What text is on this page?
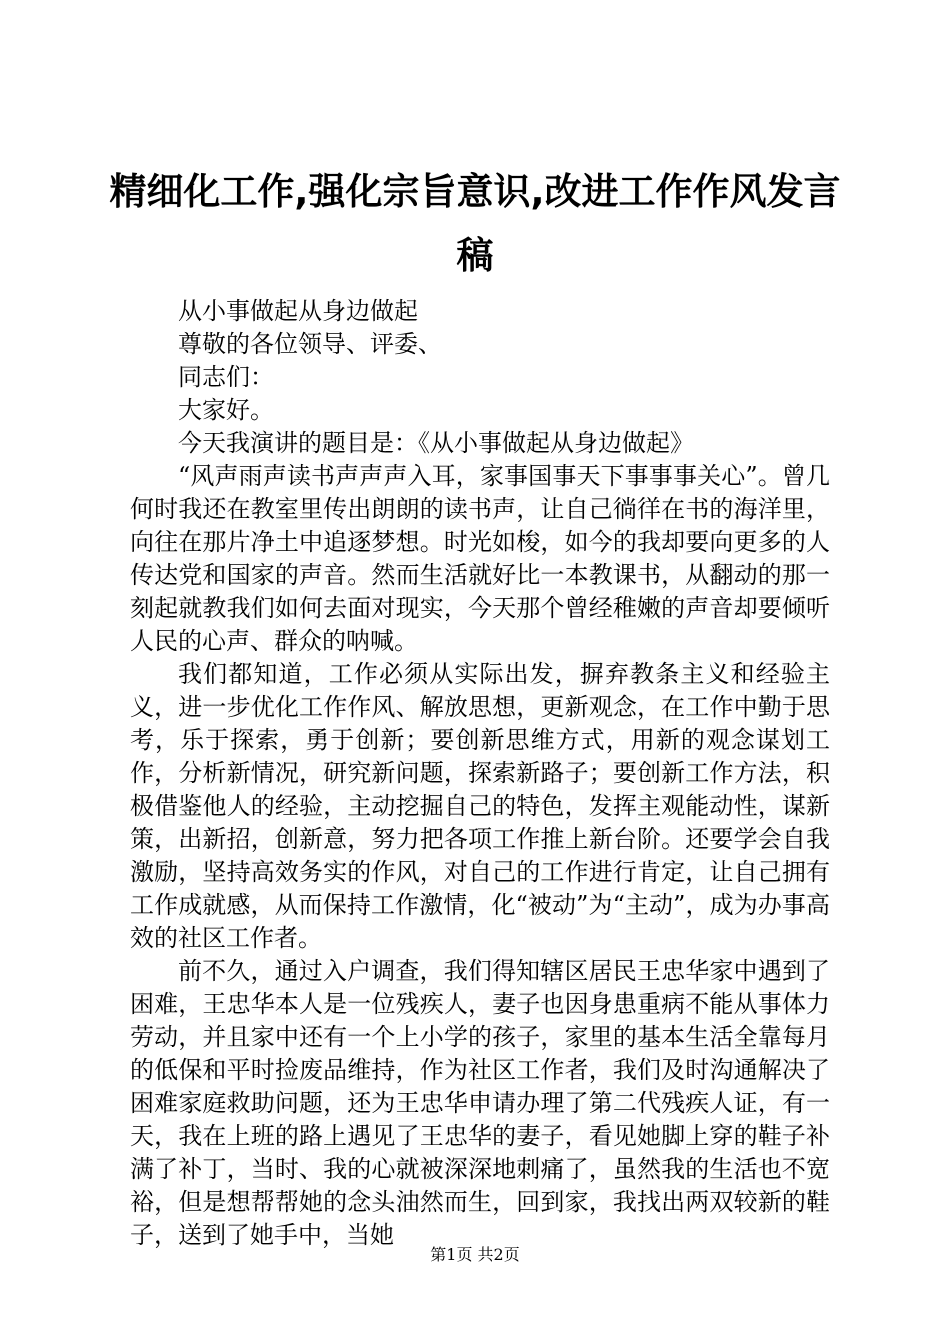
精细化工作,强化宗旨意识,改进工作作风发言稿

从小事做起从身边做起

尊敬的各位领导、评委、

同志们：

大家好。

今天我演讲的题目是：《从小事做起从身边做起》

“风声雨声读书声声声入耳，家事国事天下事事事关心”。曾几何时我还在教室里传出朗朗的读书声，让自己徜徉在书的海洋里，向往在那片净土中追逐梦想。时光如梭，如今的我却要向更多的人传达党和国家的声音。然而生活就好比一本教课书，从翻动的那一刻起就教我们如何去面对现实，今天那个曾经稚嫩的声音却要倾听人民的心声、群众的呐喊。

我们都知道，工作必须从实际出发，摒弃教条主义和经验主义，进一步优化工作作风、解放思想，更新观念，在工作中勤于思考，乐于探索，勇于创新；要创新思维方式，用新的观念谋划工作，分析新情况，研究新问题，探索新路子；要创新工作方法，积极借鉴他人的经验，主动挖掘自己的特色，发挥主观能动性，谋新策，出新招，创新意，努力把各项工作推上新台阶。还要学会自我激励，坚持高效务实的作风，对自己的工作进行肯定，让自己拥有工作成就感，从而保持工作激情，化“被动”为“主动”，成为办事高效的社区工作者。

前不久，通过入户调查，我们得知辖区居民王忠华家中遇到了困难，王忠华本人是一位残疾人，妻子也因身患重病不能从事体力劳动，并且家中还有一个上小学的孩子，家里的基本生活全靠每月的低保和平时捡废品维持，作为社区工作者，我们及时沟通解决了困难家庭救助问题，还为王忠华申请办理了第二代残疾人证，有一天，我在上班的路上遇见了王忠华的妻子，看见她脚上穿的鞋子补满了补丁，当时、我的心就被深深地刺痛了，虽然我的生活也不宽裕，但是想帮帮她的念头油然而生，回到家，我找出两双较新的鞋子，送到了她手中，当她

第1页 共2页
